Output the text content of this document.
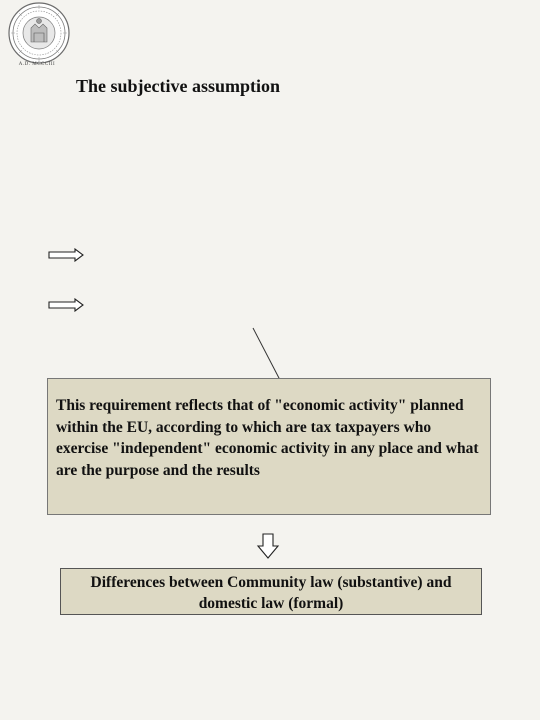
A.D. MCCCIII
The subjective assumption

This requirement reflects that of "economic activity" planned within the EU, according to which are tax taxpayers who exercise "independent" economic activity in any place and what are the purpose and the results

Differences between Community law (substantive) and domestic law (formal)
